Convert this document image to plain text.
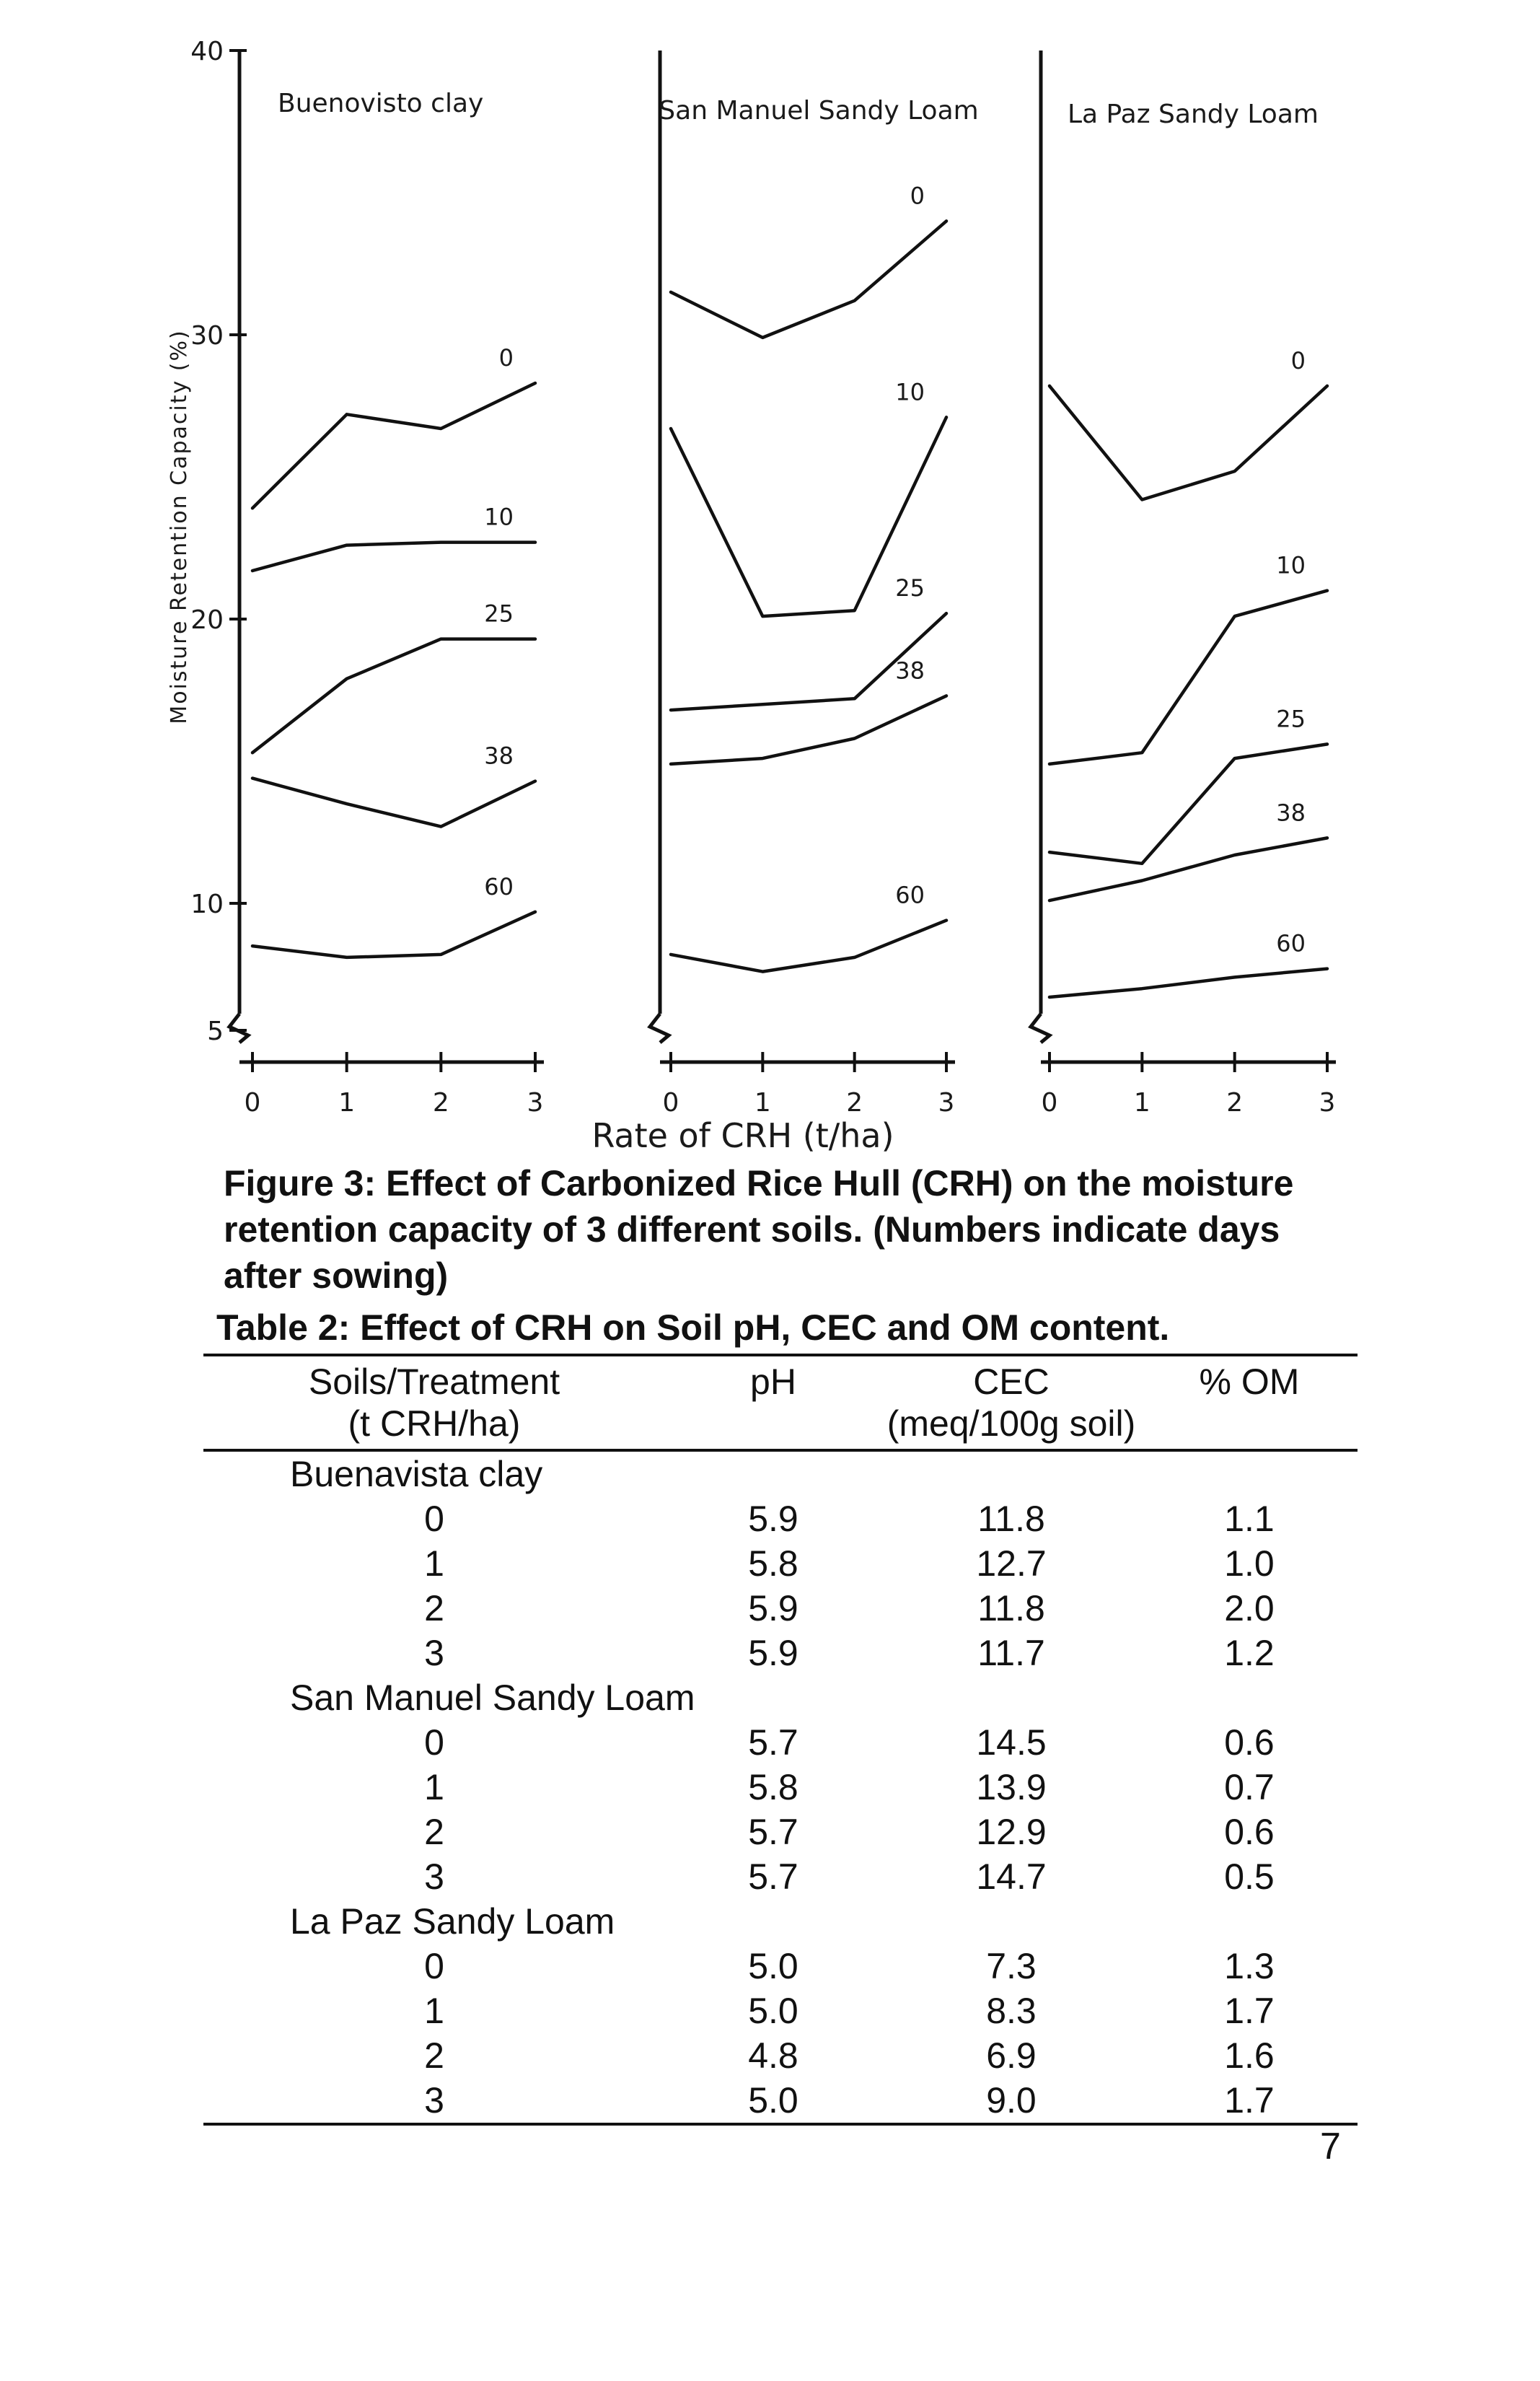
0	1	2	3
Buenovisto clay
0
10
25
38
60
0	1	2	3
San Manuel Sandy Loam
0
10
25
38
60
0	1	2	3
La Paz Sandy Loam
0
10
25
38
60
5
10
20
30
40
Moisture Retention Capacity (%)
Rate of CRH (t/ha)
Figure 3: Effect of Carbonized Rice Hull (CRH) on the moisture retention capacity of 3 different soils. (Numbers indicate days after sowing)
Table 2: Effect of CRH on Soil pH, CEC and OM content.
Soils/Treatment	pH	CEC	% OM
(t CRH/ha)		(meq/100g soil)	
Buenavista clay			
0	5.9	11.8	1.1
1	5.8	12.7	1.0
2	5.9	11.8	2.0
3	5.9	11.7	1.2
San Manuel Sandy Loam			
0	5.7	14.5	0.6
1	5.8	13.9	0.7
2	5.7	12.9	0.6
3	5.7	14.7	0.5
La Paz Sandy Loam			
0	5.0	7.3	1.3
1	5.0	8.3	1.7
2	4.8	6.9	1.6
3	5.0	9.0	1.7
7
